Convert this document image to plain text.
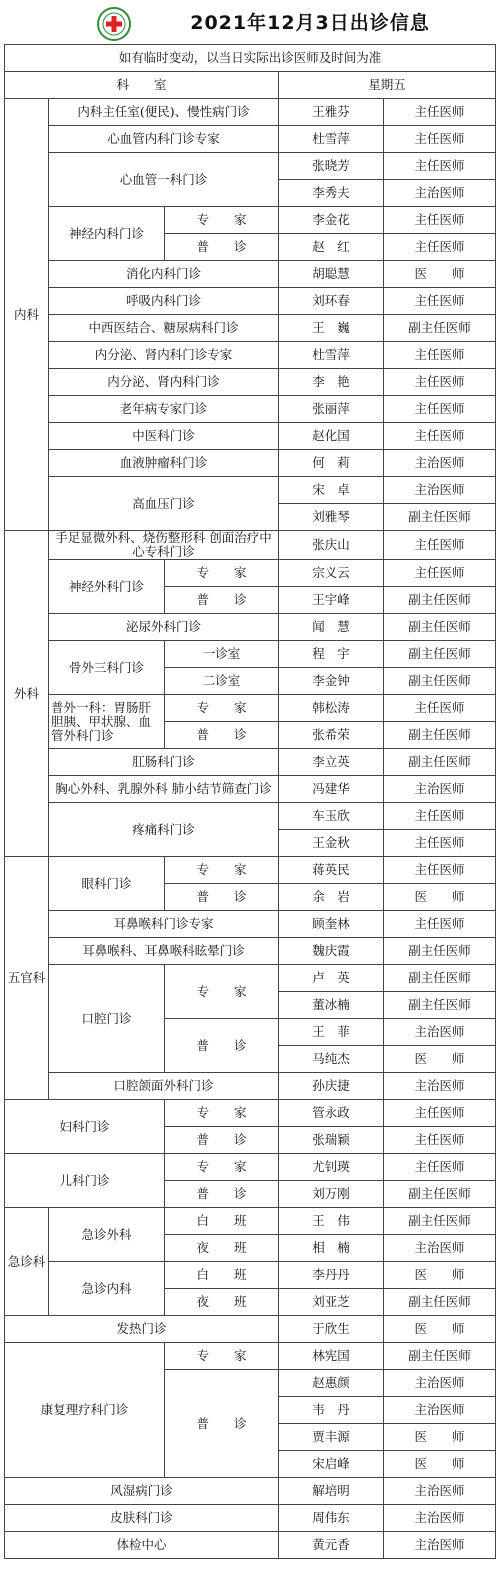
2021年12月3日出诊信息
如有临时变动，以当日实际出诊医师及时间为准				
科　　室			星期五	
内科	内科主任室(便民)、慢性病门诊		王雅芬	主任医师
	心血管内科门诊专家		杜雪萍	主任医师
	心血管一科门诊		张晓芳	主任医师
			李秀夫	主治医师
	神经内科门诊	专　　家	李金花	主任医师
		普　　诊	赵　红	主任医师
	消化内科门诊		胡聪慧	医　　师
	呼吸内科门诊		刘环春	主任医师
	中西医结合、糖尿病科门诊		王　巍	副主任医师
	内分泌、肾内科门诊专家		杜雪萍	主任医师
	内分泌、肾内科门诊		李　艳	主任医师
	老年病专家门诊		张丽萍	主任医师
	中医科门诊		赵化国	主任医师
	血液肿瘤科门诊		何　莉	主治医师
	高血压门诊		宋　卓	主治医师
			刘雅琴	副主任医师
外科	手足显微外科、烧伤整形科 创面治疗中心专科门诊		张庆山	主任医师
	神经外科门诊	专　　家	宗义云	主任医师
		普　　诊	王宇峰	副主任医师
	泌尿外科门诊		闻　慧	副主任医师
	骨外三科门诊	一诊室	程　宇	副主任医师
		二诊室	李金钟	副主任医师
	普外一科：胃肠肝胆胰、甲状腺、血管外科门诊	专　　家	韩松涛	主任医师
		普　　诊	张希荣	副主任医师
	肛肠科门诊		李立英	副主任医师
	胸心外科、乳腺外科 肺小结节筛查门诊		冯建华	主治医师
	疼痛科门诊		车玉欣	主任医师
			王金秋	主任医师
五官科	眼科门诊	专　　家	蒋英民	主任医师
		普　　诊	余　岩	医　　师
	耳鼻喉科门诊专家		顾奎林	主任医师
	耳鼻喉科、耳鼻喉科眩晕门诊		魏庆霞	副主任医师
	口腔门诊	专　　家	卢　英	副主任医师
			董冰楠	副主任医师
		普　　诊	王　菲	主治医师
			马纯杰	医　　师
	口腔颌面外科门诊		孙庆捷	主治医师
妇科门诊		专　　家	管永政	主任医师
		普　　诊	张瑞颖	主任医师
儿科门诊		专　　家	尤钊瑛	主任医师
		普　　诊	刘万刚	副主任医师
急诊科	急诊外科	白　　班	王　伟	副主任医师
		夜　　班	相　楠	主治医师
	急诊内科	白　　班	李丹丹	医　　师
		夜　　班	刘亚芝	副主任医师
发热门诊			于欣生	医　　师
康复理疗科门诊		专　　家	林宪国	副主任医师
		普　　诊	赵惠颜	主治医师
			韦　丹	主治医师
			贾丰源	医　　师
			宋启峰	医　　师
风湿病门诊			解培明	主治医师
皮肤科门诊			周伟东	主治医师
体检中心			黄元香	主治医师
